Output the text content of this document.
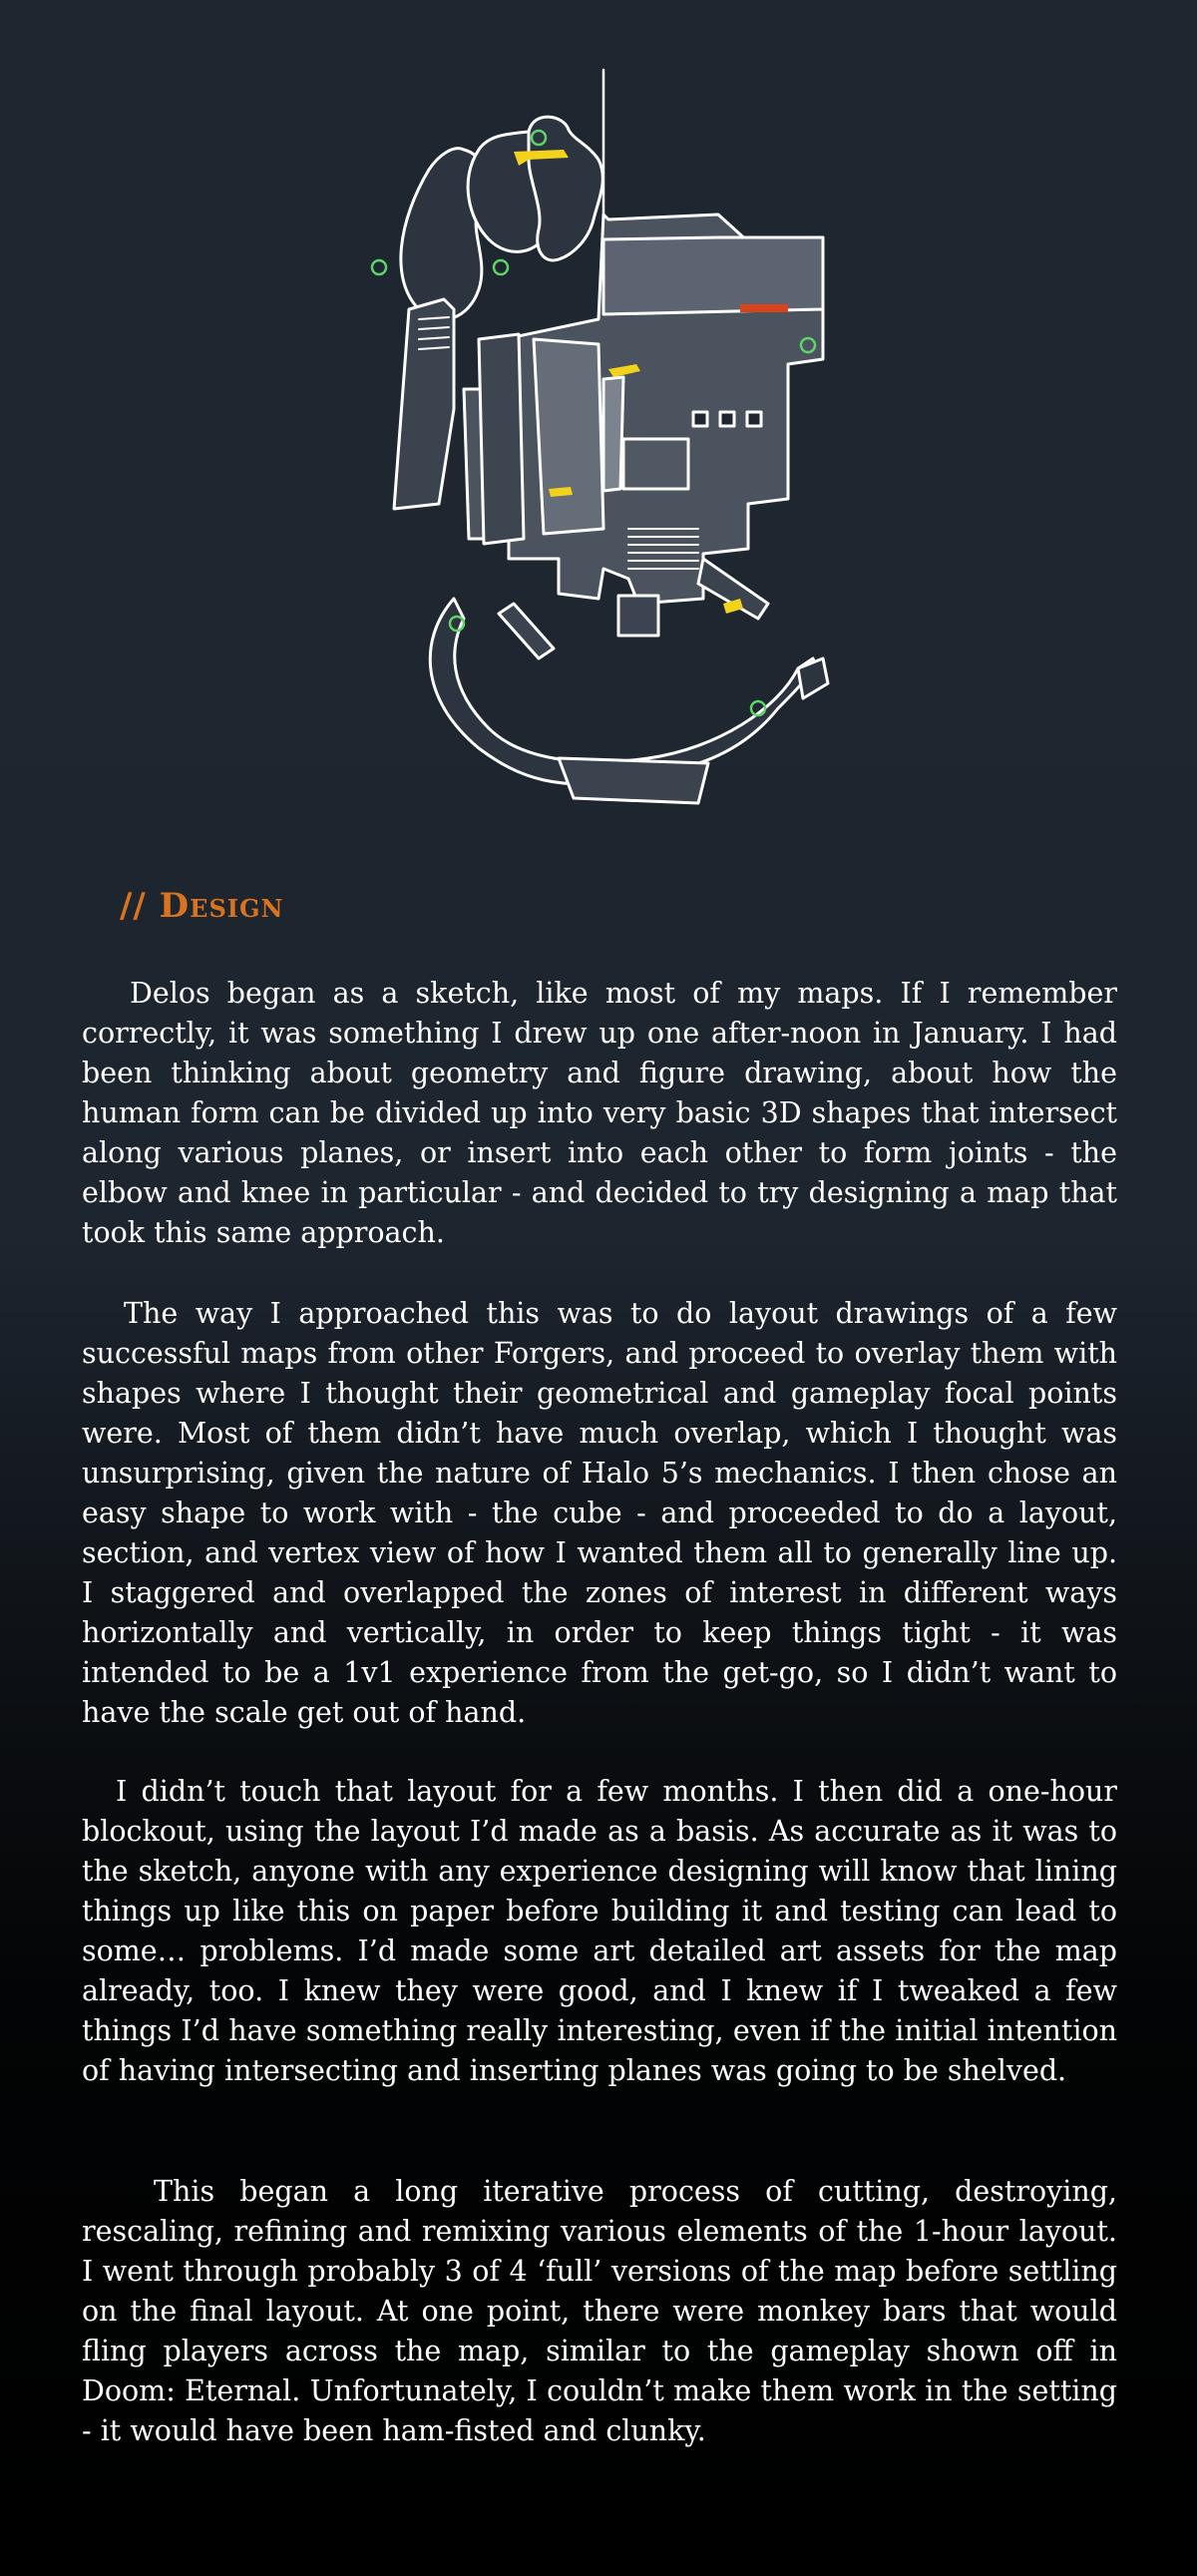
// Design

Delos began as a sketch, like most of my maps. If I remember correctly, it was something I drew up one after-noon in January. I had been thinking about geometry and figure drawing, about how the human form can be divided up into very basic 3D shapes that intersect along various planes, or insert into each other to form joints - the elbow and knee in particular - and decided to try designing a map that took this same approach.

The way I approached this was to do layout drawings of a few successful maps from other Forgers, and proceed to overlay them with shapes where I thought their geometrical and gameplay focal points were. Most of them didn’t have much overlap, which I thought was unsurprising, given the nature of Halo 5’s mechanics. I then chose an easy shape to work with - the cube - and proceeded to do a layout, section, and vertex view of how I wanted them all to generally line up. I staggered and overlapped the zones of interest in different ways horizontally and vertically, in order to keep things tight - it was intended to be a 1v1 experience from the get-go, so I didn’t want to have the scale get out of hand.

I didn’t touch that layout for a few months. I then did a one-hour blockout, using the layout I’d made as a basis. As accurate as it was to the sketch, anyone with any experience designing will know that lining things up like this on paper before building it and testing can lead to some… problems. I’d made some art detailed art assets for the map already, too. I knew they were good, and I knew if I tweaked a few things I’d have something really interesting, even if the initial intention of having intersecting and inserting planes was going to be shelved.

This began a long iterative process of cutting, destroying, rescaling, refining and remixing various elements of the 1-hour layout. I went through probably 3 of 4 ‘full’ versions of the map before settling on the final layout. At one point, there were monkey bars that would fling players across the map, similar to the gameplay shown off in Doom: Eternal. Unfortunately, I couldn’t make them work in the setting - it would have been ham-fisted and clunky.
